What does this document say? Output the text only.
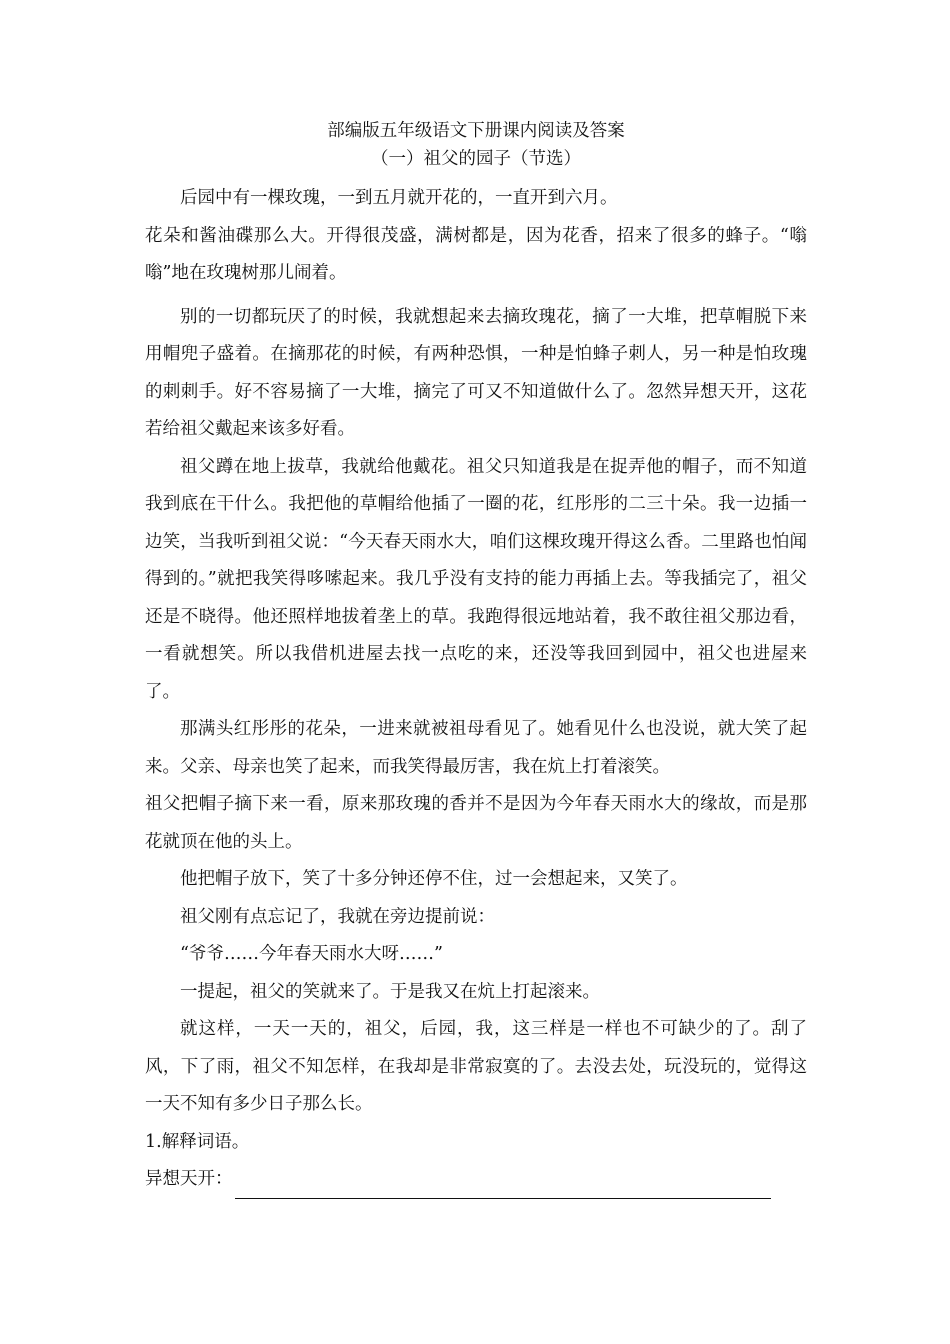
部编版五年级语文下册课内阅读及答案

（一）祖父的园子（节选）

后园中有一棵玫瑰，一到五月就开花的，一直开到六月。

花朵和酱油碟那么大。开得很茂盛，满树都是，因为花香，招来了很多的蜂子。“嗡嗡”地在玫瑰树那儿闹着。

别的一切都玩厌了的时候，我就想起来去摘玫瑰花，摘了一大堆，把草帽脱下来用帽兜子盛着。在摘那花的时候，有两种恐惧，一种是怕蜂子刺人，另一种是怕玫瑰的刺刺手。好不容易摘了一大堆，摘完了可又不知道做什么了。忽然异想天开，这花若给祖父戴起来该多好看。

祖父蹲在地上拔草，我就给他戴花。祖父只知道我是在捉弄他的帽子，而不知道我到底在干什么。我把他的草帽给他插了一圈的花，红彤彤的二三十朵。我一边插一边笑，当我听到祖父说：“今天春天雨水大，咱们这棵玫瑰开得这么香。二里路也怕闻得到的。”就把我笑得哆嗦起来。我几乎没有支持的能力再插上去。等我插完了，祖父还是不晓得。他还照样地拔着垄上的草。我跑得很远地站着，我不敢往祖父那边看，一看就想笑。所以我借机进屋去找一点吃的来，还没等我回到园中，祖父也进屋来了。

那满头红彤彤的花朵，一进来就被祖母看见了。她看见什么也没说，就大笑了起来。父亲、母亲也笑了起来，而我笑得最厉害，我在炕上打着滚笑。

祖父把帽子摘下来一看，原来那玫瑰的香并不是因为今年春天雨水大的缘故，而是那花就顶在他的头上。

他把帽子放下，笑了十多分钟还停不住，过一会想起来，又笑了。

祖父刚有点忘记了，我就在旁边提前说：

“爷爷……今年春天雨水大呀……”

一提起，祖父的笑就来了。于是我又在炕上打起滚来。

就这样，一天一天的，祖父，后园，我，这三样是一样也不可缺少的了。刮了风，下了雨，祖父不知怎样，在我却是非常寂寞的了。去没去处，玩没玩的，觉得这一天不知有多少日子那么长。

1.解释词语。

异想天开：
